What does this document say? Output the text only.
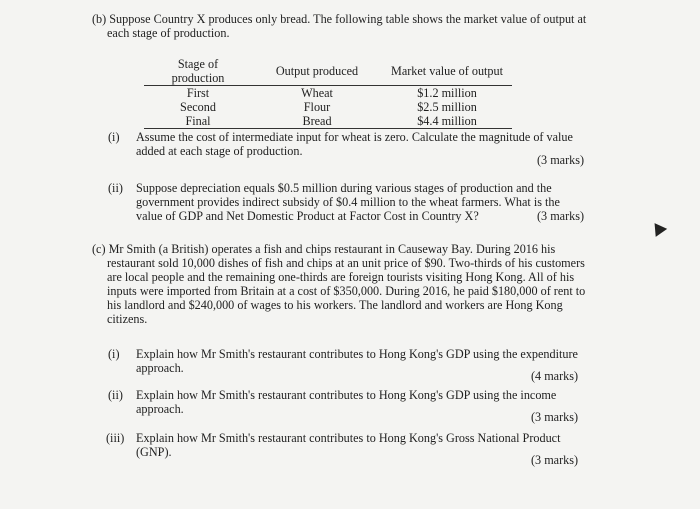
(b) Suppose Country X produces only bread. The following table shows the market value of output at
each stage of production.
Stage of production	Output produced	Market value of output
First	Wheat	$1.2 million
Second	Flour	$2.5 million
Final	Bread	$4.4 million
(i) Assume the cost of intermediate input for wheat is zero. Calculate the magnitude of value
added at each stage of production.
(3 marks)
(ii) Suppose depreciation equals $0.5 million during various stages of production and the
government provides indirect subsidy of $0.4 million to the wheat farmers. What is the
value of GDP and Net Domestic Product at Factor Cost in Country X?	(3 marks)
(c) Mr Smith (a British) operates a fish and chips restaurant in Causeway Bay. During 2016 his
restaurant sold 10,000 dishes of fish and chips at an unit price of $90. Two-thirds of his customers
are local people and the remaining one-thirds are foreign tourists visiting Hong Kong. All of his
inputs were imported from Britain at a cost of $350,000. During 2016, he paid $180,000 of rent to
his landlord and $240,000 of wages to his workers. The landlord and workers are Hong Kong
citizens.
(i) Explain how Mr Smith's restaurant contributes to Hong Kong's GDP using the expenditure
approach.
(4 marks)
(ii) Explain how Mr Smith's restaurant contributes to Hong Kong's GDP using the income
approach.
(3 marks)
(iii) Explain how Mr Smith's restaurant contributes to Hong Kong's Gross National Product
(GNP).
(3 marks)
